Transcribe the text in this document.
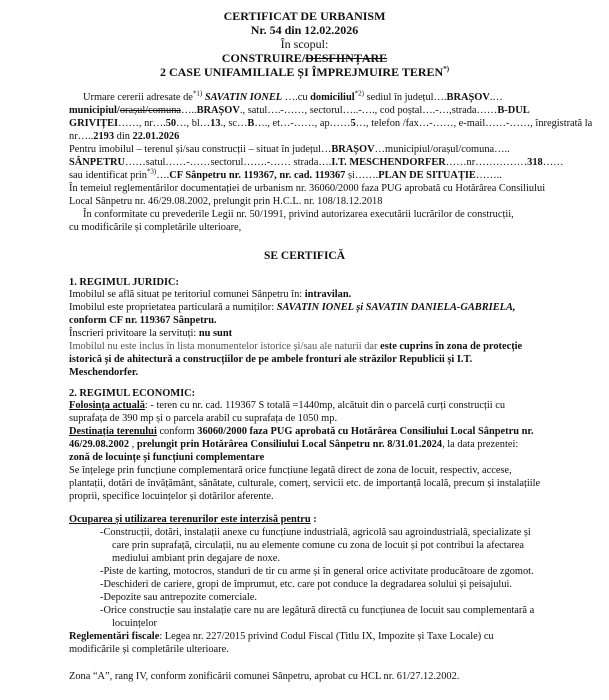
CERTIFICAT DE URBANISM
Nr. 54 din 12.02.2026
În scopul:
CONSTRUIRE/DESFIINȚARE
2 CASE UNIFAMILIALE ȘI ÎMPREJMUIRE TEREN*)
Urmare cererii adresate $de^{*1)}$ SAVATIN IONEL ….cu domiciliul$^{*2)}$ sediul în județul….BRAȘOV.…
municipiul/orașul/comuna…..BRAȘOV., satul….-……, sectorul…..-…., cod poștal….-…,strada……B-DUL
GRIVIȚEI……, nr….50…, bl…13., sc…B…., et…-……, ap……5…, telefon /fax…-……, e-mail……-……, înregistrată la
nr…..2193 din 22.01.2026
Pentru imobilul – terenul și/sau construcții – situat în județul…BRAȘOV…municipiul/orașul/comuna…..
SÂNPETRU……satul……-……sectorul…….-…… strada….I.T. MESCHENDORFER……nr……………318……
sau identificat prin$^{*3)}$….CF Sânpetru nr. 119367, nr. cad. 119367 și…….PLAN DE SITUAȚIE……..
În temeiul reglementărilor documentației de urbanism nr. 36060/2000 faza PUG aprobată cu Hotărârea Consiliului
Local Sânpetru nr. 46/29.08.2002, prelungit prin H.C.L. nr. 108/18.12.2018
În conformitate cu prevederile Legii nr. 50/1991, privind autorizarea executării lucrărilor de construcții,
cu modificările și completările ulterioare,
SE CERTIFICĂ
1. REGIMUL JURIDIC:
Imobilul se află situat pe teritoriul comunei Sânpetru în: intravilan.
Imobilul este proprietatea particulară a numiților: SAVATIN IONEL și SAVATIN DANIELA-GABRIELA,
conform CF nr. 119367 Sânpetru.
Înscrieri privitoare la servituți: nu sunt
Imobilul nu este inclus în lista monumentelor istorice și/sau ale naturii dar este cuprins în zona de protecție
istorică și de ahitectură a construcțiilor de pe ambele fronturi ale străzilor Republicii și I.T.
Meschendorfer.
2. REGIMUL ECONOMIC:
Folosința actuală: - teren cu nr. cad. 119367 S totală =1440mp, alcătuit din o parcelă curți construcții cu
suprafața de 390 mp și o parcela arabil cu suprafața de 1050 mp.
Destinația terenului conform 36060/2000 faza PUG aprobată cu Hotărârea Consiliului Local Sânpetru nr.
46/29.08.2002 , prelungit prin Hotărârea Consiliului Local Sânpetru nr. 8/31.01.2024, la data prezentei:
zonă de locuințe și funcțiuni complementare
Se înțelege prin funcțiune complementară orice funcțiune legată direct de zona de locuit, respectiv, accese,
plantații, dotări de învățământ, sănătate, culturale, comerț, servicii etc. de importanță locală, precum și instalațiile
proprii, specifice locuințelor și dotărilor aferente.
Ocuparea și utilizarea terenurilor este interzisă pentru :
-Construcții, dotări, instalații anexe cu funcțiune industrială, agricolă sau agroindustrială, specializate și
care prin suprafață, circulații, nu au elemente comune cu zona de locuit și pot contribui la afectarea
mediului ambiant prin degajare de noxe.
-Piste de karting, motocros, standuri de tir cu arme și în general orice activitate producătoare de zgomot.
-Deschideri de cariere, gropi de împrumut, etc. care pot conduce la degradarea solului și peisajului.
-Depozite sau antrepozite comerciale.
-Orice construcție sau instalație care nu are legătură directă cu funcțiunea de locuit sau complementară a
locuințelor
Reglementări fiscale: Legea nr. 227/2015 privind Codul Fiscal (Titlu IX, Impozite și Taxe Locale) cu
modificările și completările ulterioare.
Zona “A”, rang IV, conform zonificării comunei Sânpetru, aprobat cu HCL nr. 61/27.12.2002.
